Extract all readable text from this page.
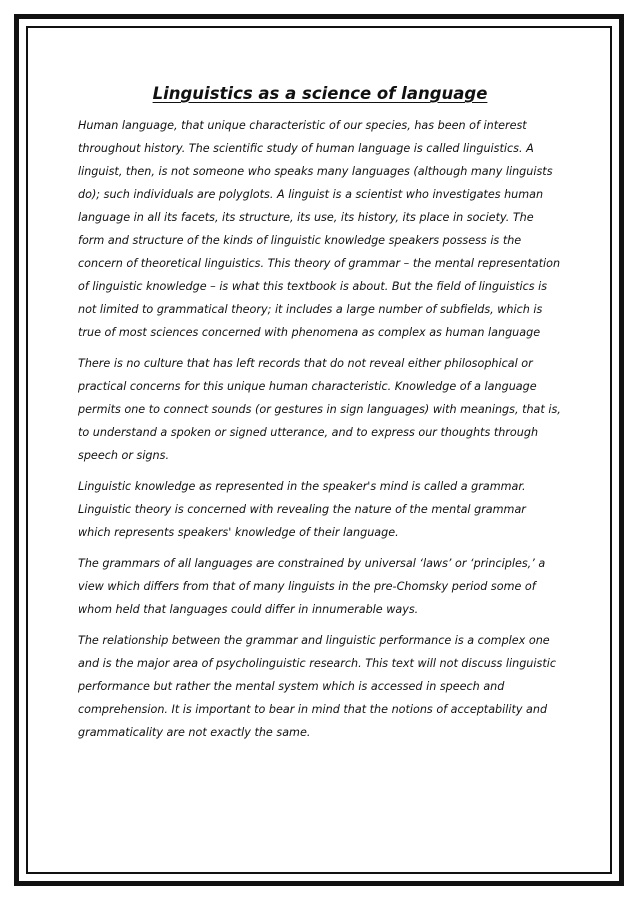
Linguistics as a science of language

Human language, that unique characteristic of our species, has been of interest throughout history. The scientific study of human language is called linguistics. A linguist, then, is not someone who speaks many languages (although many linguists do); such individuals are polyglots. A linguist is a scientist who investigates human language in all its facets, its structure, its use, its history, its place in society. The form and structure of the kinds of linguistic knowledge speakers possess is the concern of theoretical linguistics. This theory of grammar – the mental representation of linguistic knowledge – is what this textbook is about. But the field of linguistics is not limited to grammatical theory; it includes a large number of subfields, which is true of most sciences concerned with phenomena as complex as human language

There is no culture that has left records that do not reveal either philosophical or practical concerns for this unique human characteristic. Knowledge of a language permits one to connect sounds (or gestures in sign languages) with meanings, that is, to understand a spoken or signed utterance, and to express our thoughts through speech or signs.

Linguistic knowledge as represented in the speaker's mind is called a grammar. Linguistic theory is concerned with revealing the nature of the mental grammar which represents speakers' knowledge of their language.

The grammars of all languages are constrained by universal ‘laws’ or ‘principles,’ a view which differs from that of many linguists in the pre-Chomsky period some of whom held that languages could differ in innumerable ways.

The relationship between the grammar and linguistic performance is a complex one and is the major area of psycholinguistic research. This text will not discuss linguistic performance but rather the mental system which is accessed in speech and comprehension. It is important to bear in mind that the notions of acceptability and grammaticality are not exactly the same.
